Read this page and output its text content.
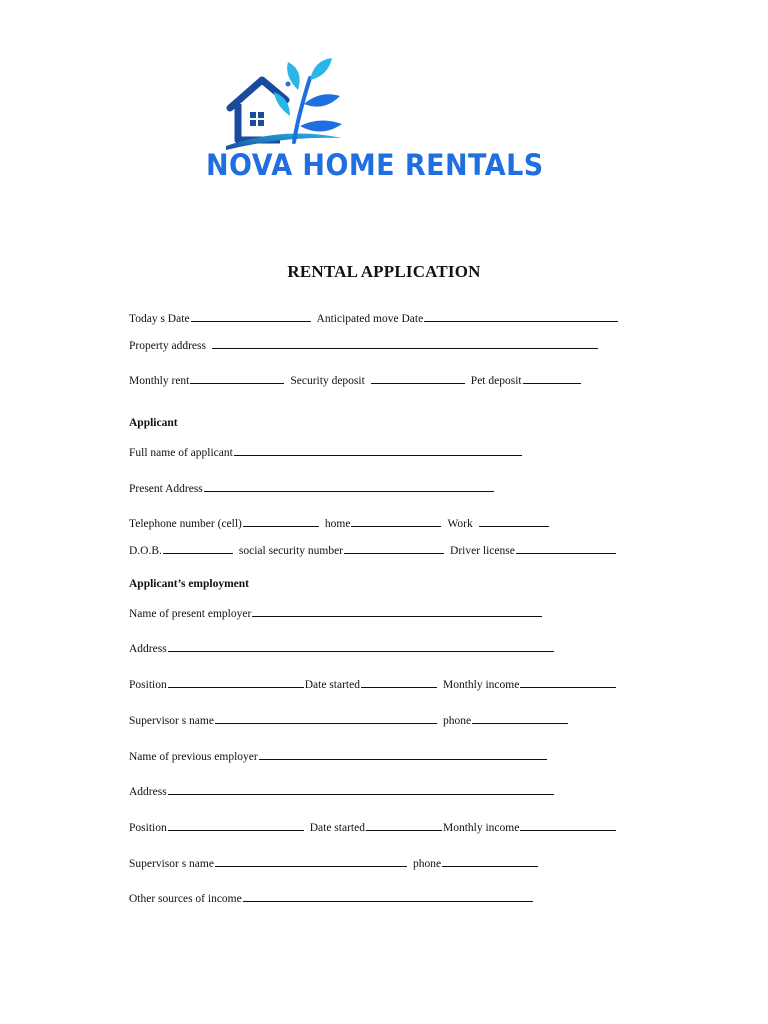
NOVA HOME RENTALS
RENTAL APPLICATION
Today s Date	Anticipated move Date
Property address
Monthly rent	Security deposit	Pet deposit
Applicant
Full name of applicant
Present Address
Telephone number (cell)	home	Work
D.O.B.	social security number	Driver license
Applicant’s employment
Name of present employer
Address
Position	Date started	Monthly income
Supervisor s name	phone
Name of previous employer
Address
Position	Date started	Monthly income
Supervisor s name	phone
Other sources of income
